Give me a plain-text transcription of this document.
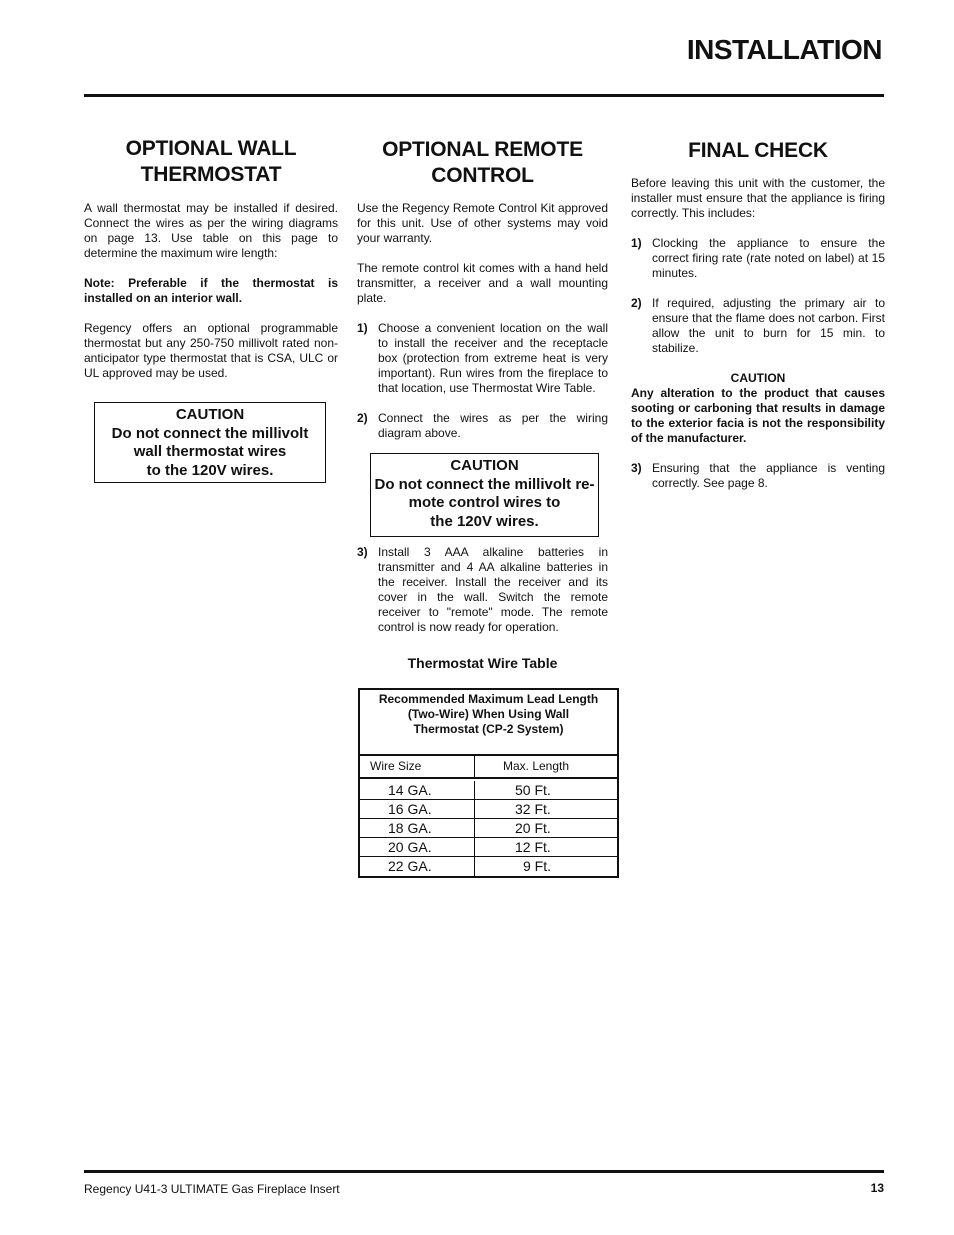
INSTALLATION
OPTIONAL WALL
THERMOSTAT

A wall thermostat may be installed if desired. Connect the wires as per the wiring diagrams on page 13. Use table on this page to determine the maximum wire length:

Note: Preferable if the thermostat is installed on an interior wall.

Regency offers an optional programmable thermostat but any 250-750 millivolt rated non-anticipator type thermostat that is CSA, ULC or UL approved may be used.

CAUTION
Do not connect the millivolt
wall thermostat wires
to the 120V wires.
OPTIONAL REMOTE
CONTROL

Use the Regency Remote Control Kit approved for this unit. Use of other systems may void your warranty.

The remote control kit comes with a hand held transmitter, a receiver and a wall mounting plate.

1) Choose a convenient location on the wall to install the receiver and the receptacle box (protection from extreme heat is very important). Run wires from the fireplace to that location, use Thermostat Wire Table.
2) Connect the wires as per the wiring diagram above.
CAUTION
Do not connect the millivolt re-
mote control wires to
the 120V wires.
3) Install 3 AAA alkaline batteries in transmitter and 4 AA alkaline batteries in the receiver. Install the receiver and its cover in the wall. Switch the remote receiver to "remote" mode. The remote control is now ready for operation.
Thermostat Wire Table
Recommended Maximum Lead Length
(Two-Wire) When Using Wall
Thermostat (CP-2 System)
Wire Size	Max. Length
14 GA.	50 Ft.
16 GA.	32 Ft.
18 GA.	20 Ft.
20 GA.	12 Ft.
22 GA.	9 Ft.
FINAL CHECK

Before leaving this unit with the customer, the installer must ensure that the appliance is firing correctly. This includes:

1) Clocking the appliance to ensure the correct firing rate (rate noted on label) at 15 minutes.
2) If required, adjusting the primary air to ensure that the flame does not carbon. First allow the unit to burn for 15 min. to stabilize.
CAUTION

Any alteration to the product that causes sooting or carboning that results in damage to the exterior facia is not the responsibility of the manufacturer.

3) Ensuring that the appliance is venting correctly. See page 8.
Regency U41-3 ULTIMATE Gas Fireplace Insert	13
